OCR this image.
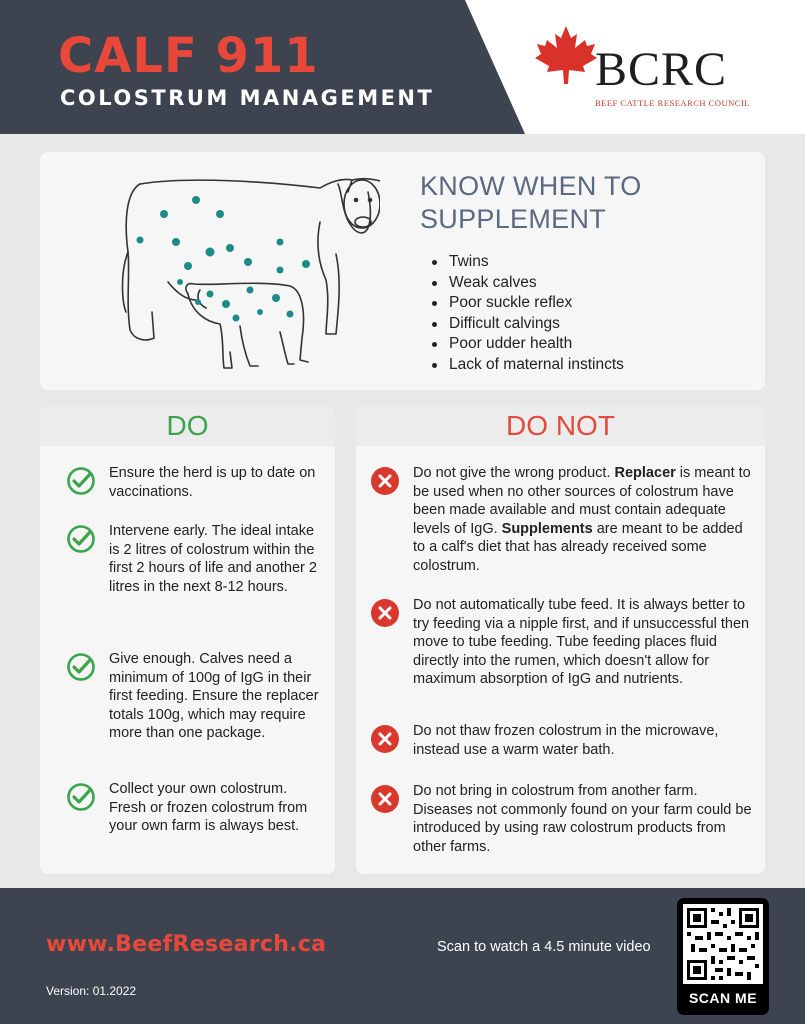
CALF 911
COLOSTRUM MANAGEMENT
BCRC
BEEF CATTLE RESEARCH COUNCIL
KNOW WHEN TO SUPPLEMENT
Twins
Weak calves
Poor suckle reflex
Difficult calvings
Poor udder health
Lack of maternal instincts
DO
Ensure the herd is up to date on vaccinations.
Intervene early. The ideal intake is 2 litres of colostrum within the first 2 hours of life and another 2 litres in the next 8-12 hours.
Give enough. Calves need a minimum of 100g of IgG in their first feeding. Ensure the replacer totals 100g, which may require more than one package.
Collect your own colostrum. Fresh or frozen colostrum from your own farm is always best.
DO NOT
Do not give the wrong product. Replacer is meant to be used when no other sources of colostrum have been made available and must contain adequate levels of IgG. Supplements are meant to be added to a calf's diet that has already received some colostrum.
Do not automatically tube feed. It is always better to try feeding via a nipple first, and if unsuccessful then move to tube feeding. Tube feeding places fluid directly into the rumen, which doesn't allow for maximum absorption of IgG and nutrients.
Do not thaw frozen colostrum in the microwave, instead use a warm water bath.
Do not bring in colostrum from another farm. Diseases not commonly found on your farm could be introduced by using raw colostrum products from other farms.
www.BeefResearch.ca
Version: 01.2022
Scan to watch a 4.5 minute video
SCAN ME
